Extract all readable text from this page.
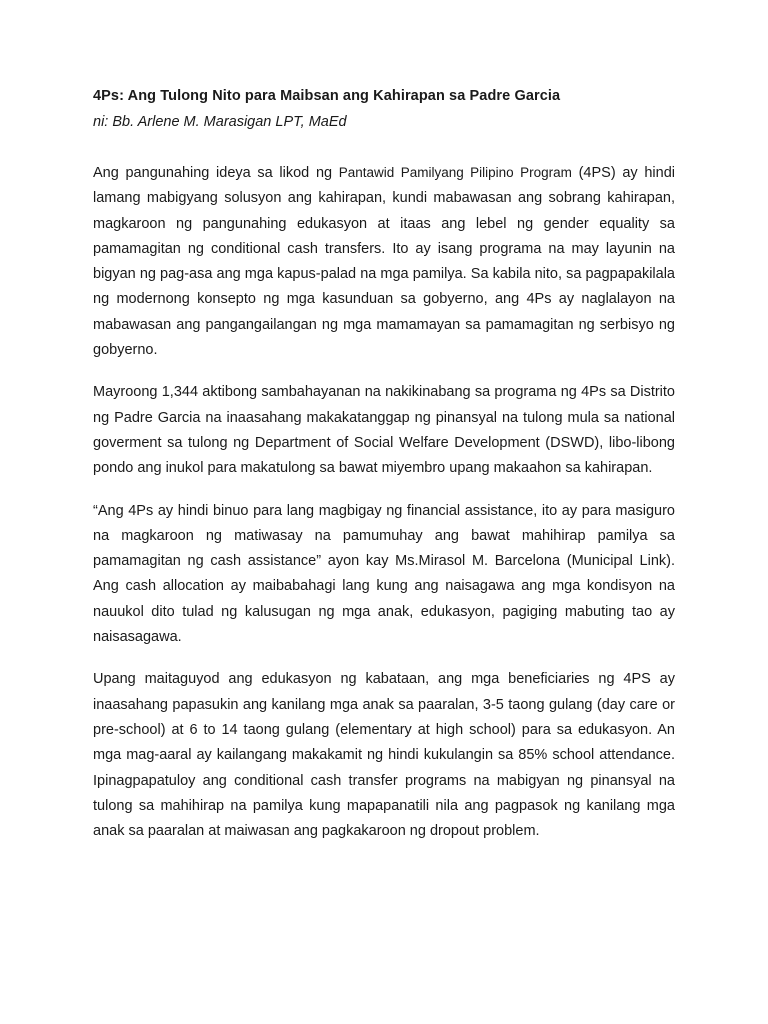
4Ps: Ang Tulong Nito para Maibsan ang Kahirapan sa Padre Garcia

ni: Bb. Arlene M. Marasigan LPT, MaEd

Ang pangunahing ideya sa likod ng Pantawid Pamilyang Pilipino Program (4PS) ay hindi lamang mabigyang solusyon ang kahirapan, kundi mabawasan ang sobrang kahirapan, magkaroon ng pangunahing edukasyon at itaas ang lebel ng gender equality sa pamamagitan ng conditional cash transfers. Ito ay isang programa na may layunin na bigyan ng pag-asa ang mga kapus-palad na mga pamilya. Sa kabila nito, sa pagpapakilala ng modernong konsepto ng mga kasunduan sa gobyerno, ang 4Ps ay naglalayon na mabawasan ang pangangailangan ng mga mamamayan sa pamamagitan ng serbisyo ng gobyerno.

Mayroong 1,344 aktibong sambahayanan na nakikinabang sa programa ng 4Ps sa Distrito ng Padre Garcia na inaasahang makakatanggap ng pinansyal na tulong mula sa national goverment sa tulong ng Department of Social Welfare Development (DSWD), libo-libong pondo ang inukol para makatulong sa bawat miyembro upang makaahon sa kahirapan.

“Ang 4Ps ay hindi binuo para lang magbigay ng financial assistance, ito ay para masiguro na magkaroon ng matiwasay na pamumuhay ang bawat mahihirap pamilya sa pamamagitan ng cash assistance” ayon kay Ms.Mirasol M. Barcelona (Municipal Link). Ang cash allocation ay maibabahagi lang kung ang naisagawa ang mga kondisyon na nauukol dito tulad ng kalusugan ng mga anak, edukasyon, pagiging mabuting tao ay naisasagawa.

Upang maitaguyod ang edukasyon ng kabataan, ang mga beneficiaries ng 4PS ay inaasahang papasukin ang kanilang mga anak sa paaralan, 3-5 taong gulang (day care or pre-school) at 6 to 14 taong gulang (elementary at high school) para sa edukasyon. An mga mag-aaral ay kailangang makakamit ng hindi kukulangin sa 85% school attendance. Ipinagpapatuloy ang conditional cash transfer programs na mabigyan ng pinansyal na tulong sa mahihirap na pamilya kung mapapanatili nila ang pagpasok ng kanilang mga anak sa paaralan at maiwasan ang pagkakaroon ng dropout problem.
